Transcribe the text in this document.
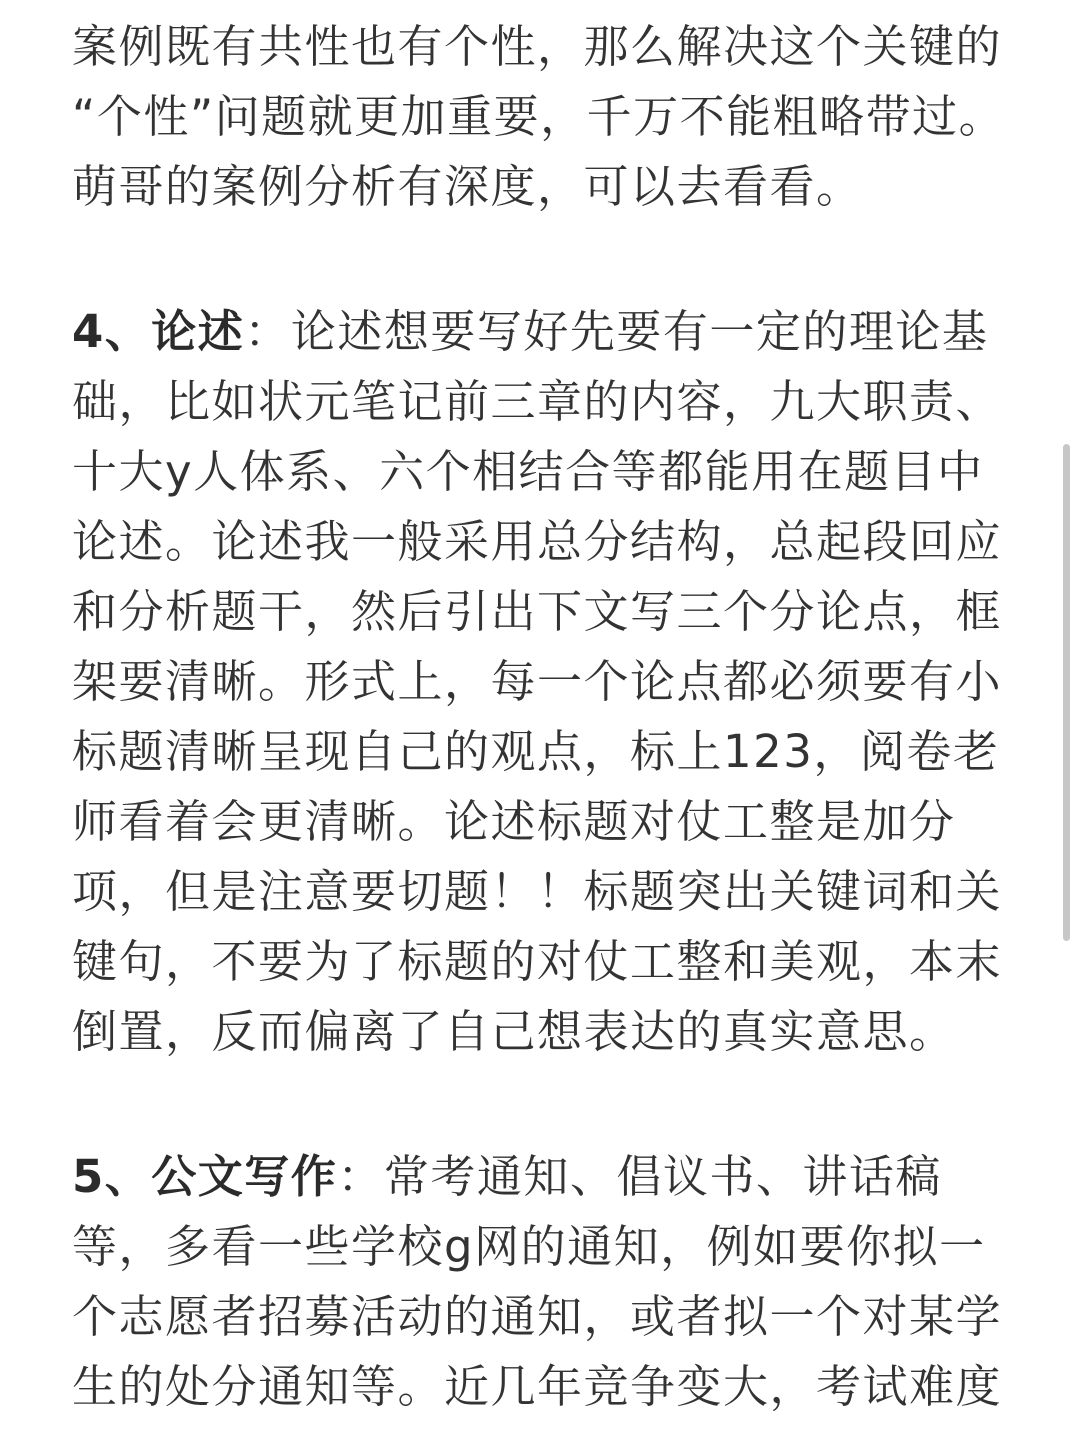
案例既有共性也有个性，那么解决这个关键的
“个性”问题就更加重要，千万不能粗略带过。
萌哥的案例分析有深度，可以去看看。
4、论述：论述想要写好先要有一定的理论基
础，比如状元笔记前三章的内容，九大职责、
十大y人体系、六个相结合等都能用在题目中
论述。论述我一般采用总分结构，总起段回应
和分析题干，然后引出下文写三个分论点，框
架要清晰。形式上，每一个论点都必须要有小
标题清晰呈现自己的观点，标上123，阅卷老
师看着会更清晰。论述标题对仗工整是加分
项，但是注意要切题！！标题突出关键词和关
键句，不要为了标题的对仗工整和美观，本末
倒置，反而偏离了自己想表达的真实意思。
5、公文写作：常考通知、倡议书、讲话稿
等，多看一些学校g网的通知，例如要你拟一
个志愿者招募活动的通知，或者拟一个对某学
生的处分通知等。近几年竞争变大，考试难度
